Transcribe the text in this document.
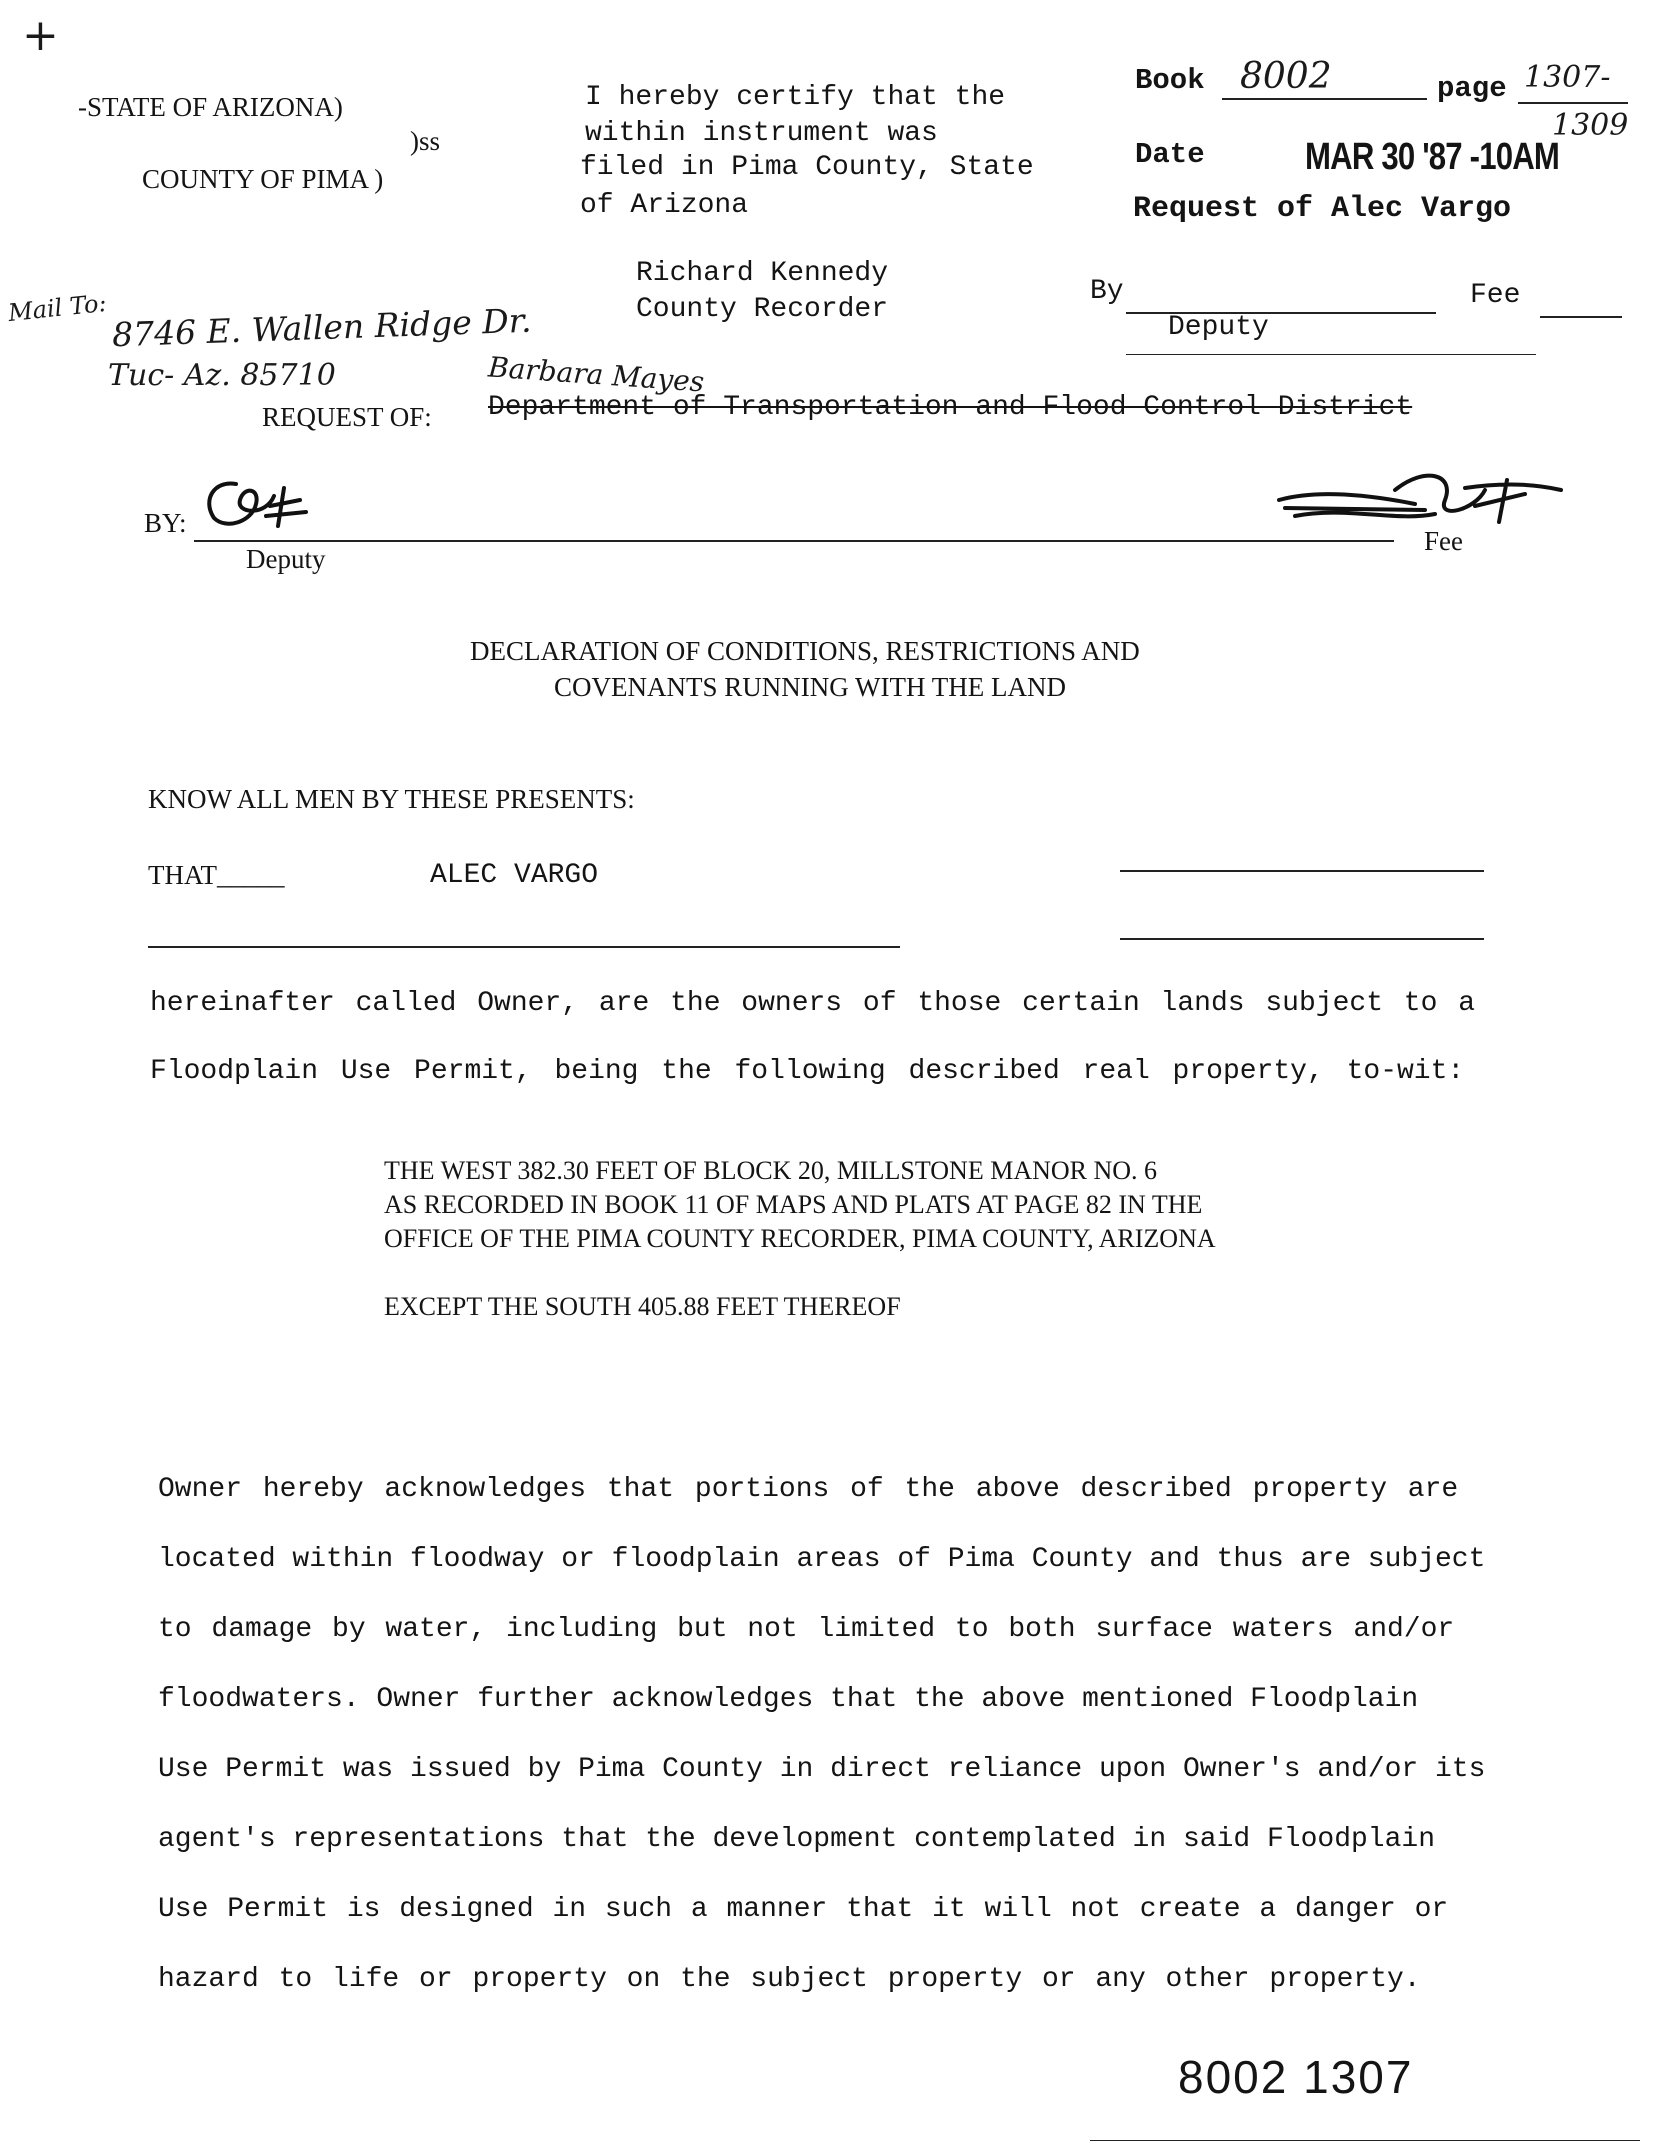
+
-STATE OF ARIZONA)
)ss
COUNTY OF PIMA )
I hereby certify that the
within instrument was
filed in Pima County, State
of Arizona
Richard Kennedy
County Recorder
Book 8002	page 1307-
1309
Date	MAR 30 '87 -10AM
Request of Alec Vargo
By	Fee
Deputy
Mail To: 8746 E. Wallen Ridge Dr.
Tuc- Az. 85710	Barbara Mayes
REQUEST OF: Department of Transportation and Flood Control District
BY:
Deputy
Fee
DECLARATION OF CONDITIONS, RESTRICTIONS AND
COVENANTS RUNNING WITH THE LAND
KNOW ALL MEN BY THESE PRESENTS:
THAT_____	ALEC VARGO
hereinafter called Owner, are the owners of those certain lands subject to a
Floodplain Use Permit, being the following described real property, to-wit:
THE WEST 382.30 FEET OF BLOCK 20, MILLSTONE MANOR NO. 6
AS RECORDED IN BOOK 11 OF MAPS AND PLATS AT PAGE 82 IN THE
OFFICE OF THE PIMA COUNTY RECORDER, PIMA COUNTY, ARIZONA
EXCEPT THE SOUTH 405.88 FEET THEREOF
Owner hereby acknowledges that portions of the above described property are
located within floodway or floodplain areas of Pima County and thus are subject
to damage by water, including but not limited to both surface waters and/or
floodwaters. Owner further acknowledges that the above mentioned Floodplain
Use Permit was issued by Pima County in direct reliance upon Owner's and/or its
agent's representations that the development contemplated in said Floodplain
Use Permit is designed in such a manner that it will not create a danger or
hazard to life or property on the subject property or any other property.
8002 1307
